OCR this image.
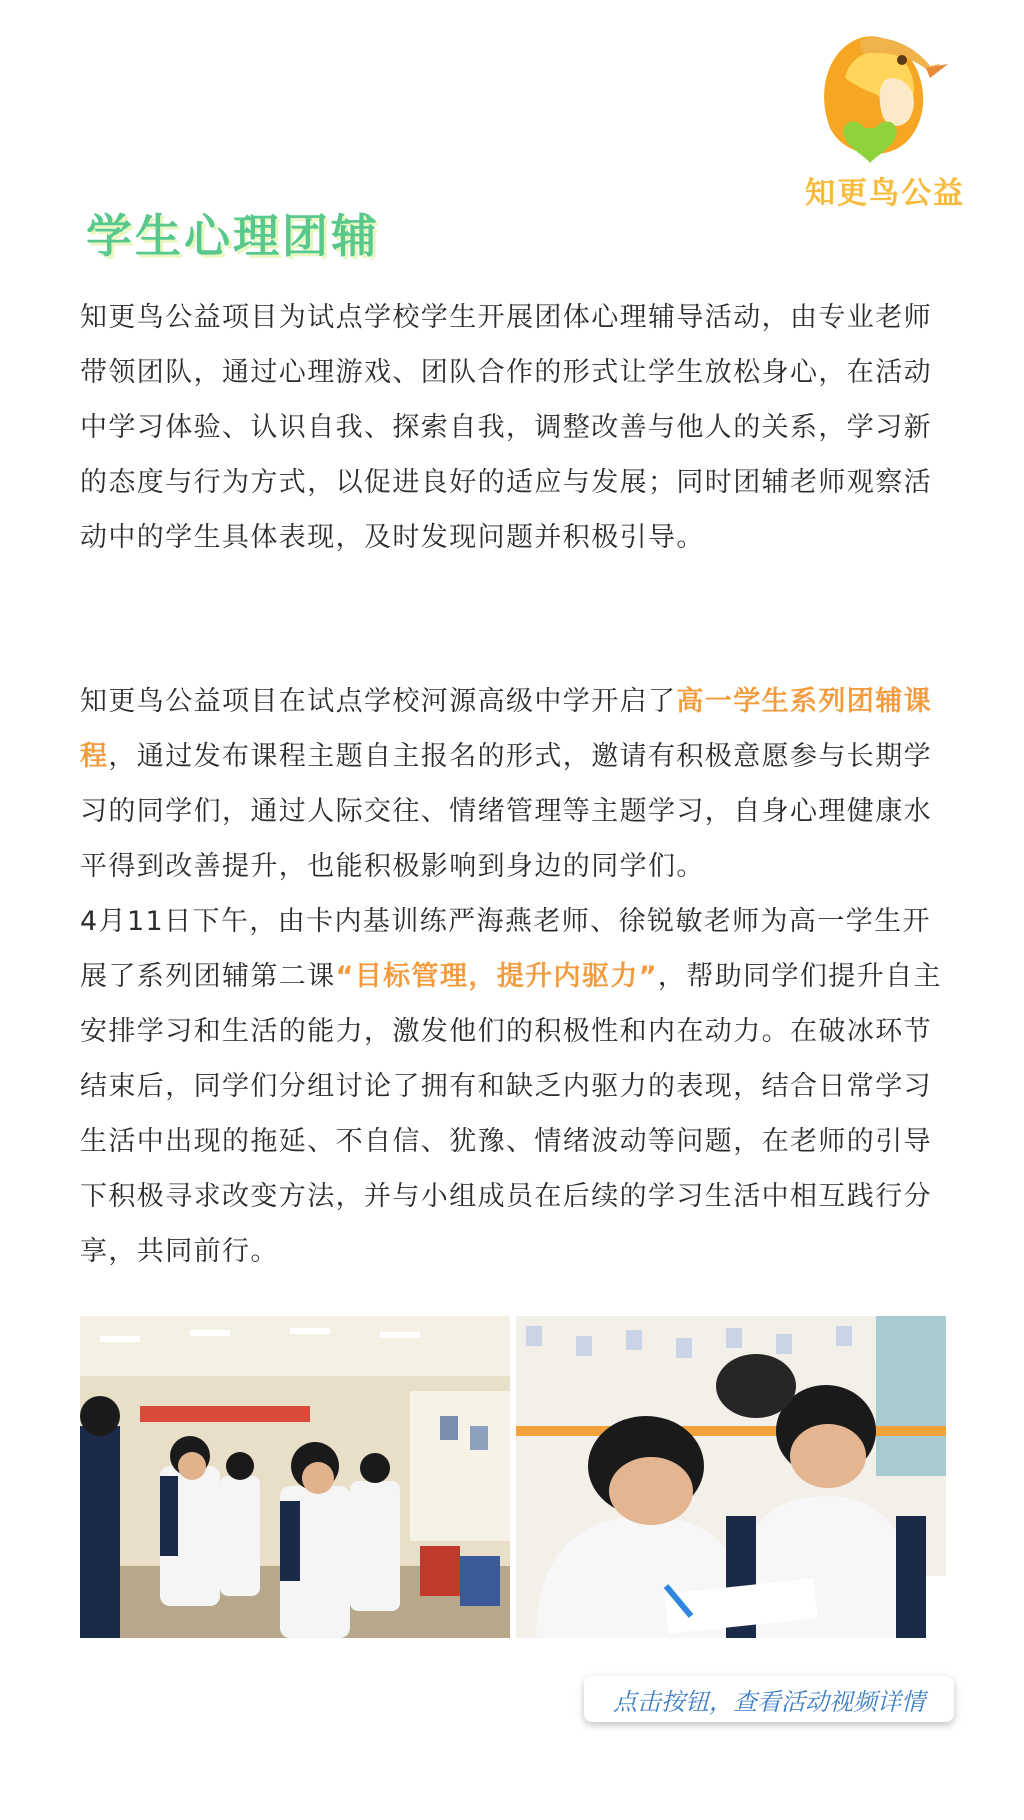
知更鸟公益
学生心理团辅

知更鸟公益项目为试点学校学生开展团体心理辅导活动，由专业老师带领团队，通过心理游戏、团队合作的形式让学生放松身心，在活动中学习体验、认识自我、探索自我，调整改善与他人的关系，学习新的态度与行为方式，以促进良好的适应与发展；同时团辅老师观察活动中的学生具体表现，及时发现问题并积极引导。

知更鸟公益项目在试点学校河源高级中学开启了高一学生系列团辅课程，通过发布课程主题自主报名的形式，邀请有积极意愿参与长期学习的同学们，通过人际交往、情绪管理等主题学习，自身心理健康水平得到改善提升，也能积极影响到身边的同学们。
4月11日下午，由卡内基训练严海燕老师、徐锐敏老师为高一学生开展了系列团辅第二课“目标管理，提升内驱力”，帮助同学们提升自主安排学习和生活的能力，激发他们的积极性和内在动力。在破冰环节结束后，同学们分组讨论了拥有和缺乏内驱力的表现，结合日常学习生活中出现的拖延、不自信、犹豫、情绪波动等问题，在老师的引导下积极寻求改变方法，并与小组成员在后续的学习生活中相互践行分享，共同前行。
点击按钮，查看活动视频详情
